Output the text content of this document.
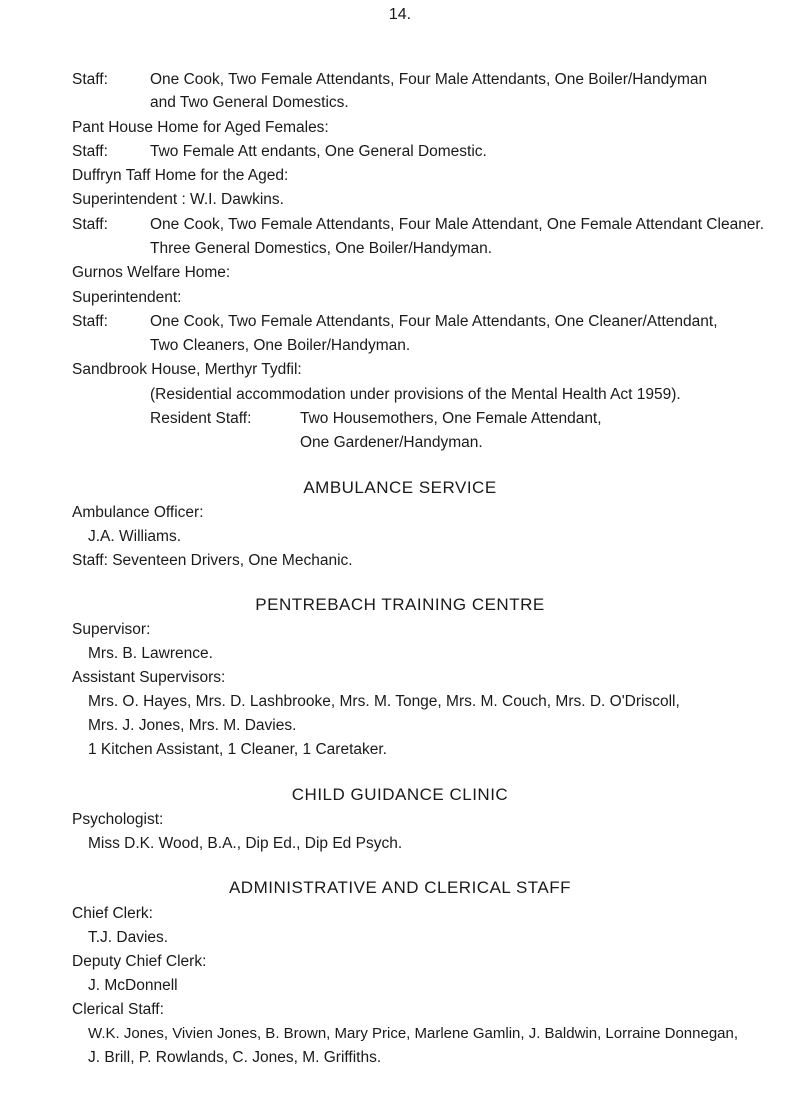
14.
Staff:	One Cook, Two Female Attendants, Four Male Attendants, One Boiler/Handyman
and Two General Domestics.
Pant House Home for Aged Females:
Staff:	Two Female Att endants, One General Domestic.
Duffryn Taff Home for the Aged:
Superintendent : W.I. Dawkins.
Staff:	One Cook, Two Female Attendants, Four Male Attendant, One Female Attendant Cleaner.
Three General Domestics, One Boiler/Handyman.
Gurnos Welfare Home:
Superintendent:
Staff:	One Cook, Two Female Attendants, Four Male Attendants, One Cleaner/Attendant,
Two Cleaners, One Boiler/Handyman.
Sandbrook House, Merthyr Tydfil:
(Residential accommodation under provisions of the Mental Health Act 1959).
Resident Staff:	Two Housemothers, One Female Attendant,
One Gardener/Handyman.
AMBULANCE SERVICE
Ambulance Officer:
J.A. Williams.
Staff: Seventeen Drivers, One Mechanic.
PENTREBACH TRAINING CENTRE
Supervisor:
Mrs. B. Lawrence.
Assistant Supervisors:
Mrs. O. Hayes, Mrs. D. Lashbrooke, Mrs. M. Tonge, Mrs. M. Couch, Mrs. D. O'Driscoll,
Mrs. J. Jones, Mrs. M. Davies.
1 Kitchen Assistant, 1 Cleaner, 1 Caretaker.
CHILD GUIDANCE CLINIC
Psychologist:
Miss D.K. Wood, B.A., Dip Ed., Dip Ed Psych.
ADMINISTRATIVE AND CLERICAL STAFF
Chief Clerk:
T.J. Davies.
Deputy Chief Clerk:
J. McDonnell
Clerical Staff:
W.K. Jones, Vivien Jones, B. Brown, Mary Price, Marlene Gamlin, J. Baldwin, Lorraine Donnegan,
J. Brill, P. Rowlands, C. Jones, M. Griffiths.
